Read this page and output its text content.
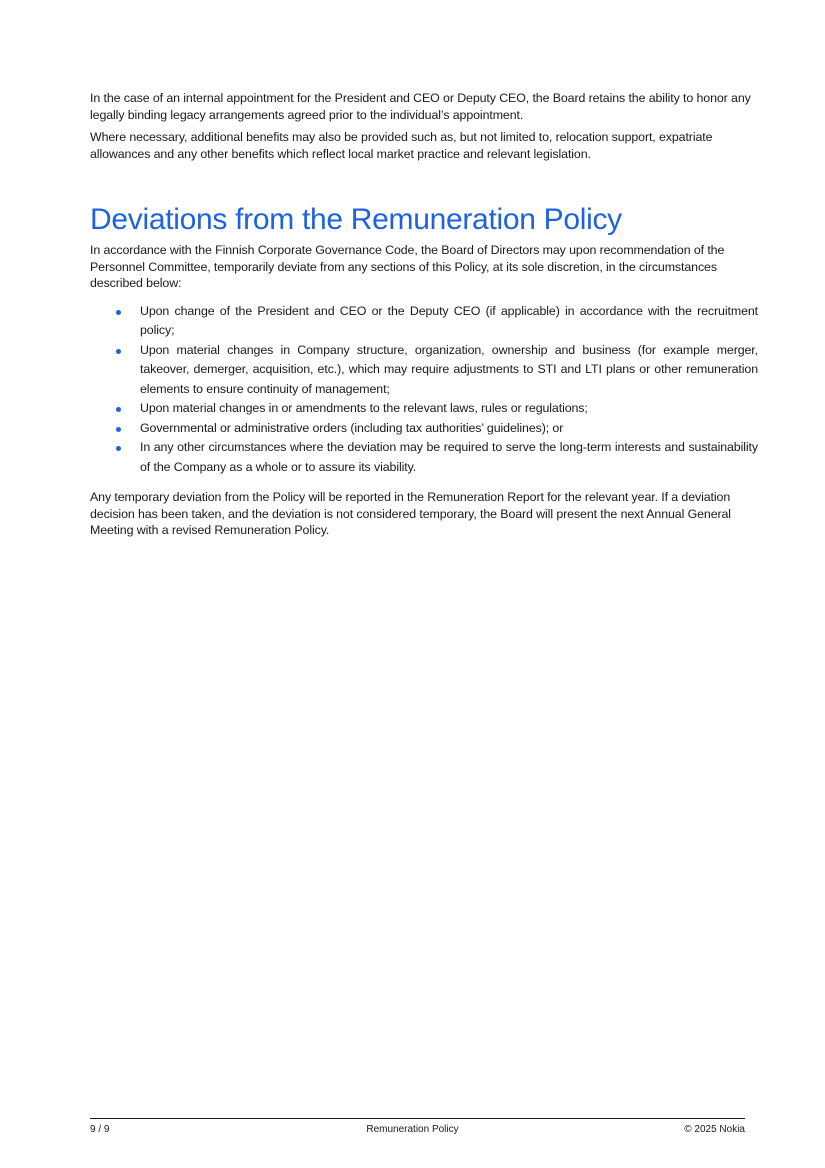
In the case of an internal appointment for the President and CEO or Deputy CEO, the Board retains the ability to honor any legally binding legacy arrangements agreed prior to the individual’s appointment.

Where necessary, additional benefits may also be provided such as, but not limited to, relocation support, expatriate allowances and any other benefits which reflect local market practice and relevant legislation.

Deviations from the Remuneration Policy

In accordance with the Finnish Corporate Governance Code, the Board of Directors may upon recommendation of the Personnel Committee, temporarily deviate from any sections of this Policy, at its sole discretion, in the circumstances described below:

Upon change of the President and CEO or the Deputy CEO (if applicable) in accordance with the recruitment policy;
Upon material changes in Company structure, organization, ownership and business (for example merger, takeover, demerger, acquisition, etc.), which may require adjustments to STI and LTI plans or other remuneration elements to ensure continuity of management;
Upon material changes in or amendments to the relevant laws, rules or regulations;
Governmental or administrative orders (including tax authorities’ guidelines); or
In any other circumstances where the deviation may be required to serve the long-term interests and sustainability of the Company as a whole or to assure its viability.

Any temporary deviation from the Policy will be reported in the Remuneration Report for the relevant year. If a deviation decision has been taken, and the deviation is not considered temporary, the Board will present the next Annual General Meeting with a revised Remuneration Policy.

9 / 9	Remuneration Policy	© 2025 Nokia
